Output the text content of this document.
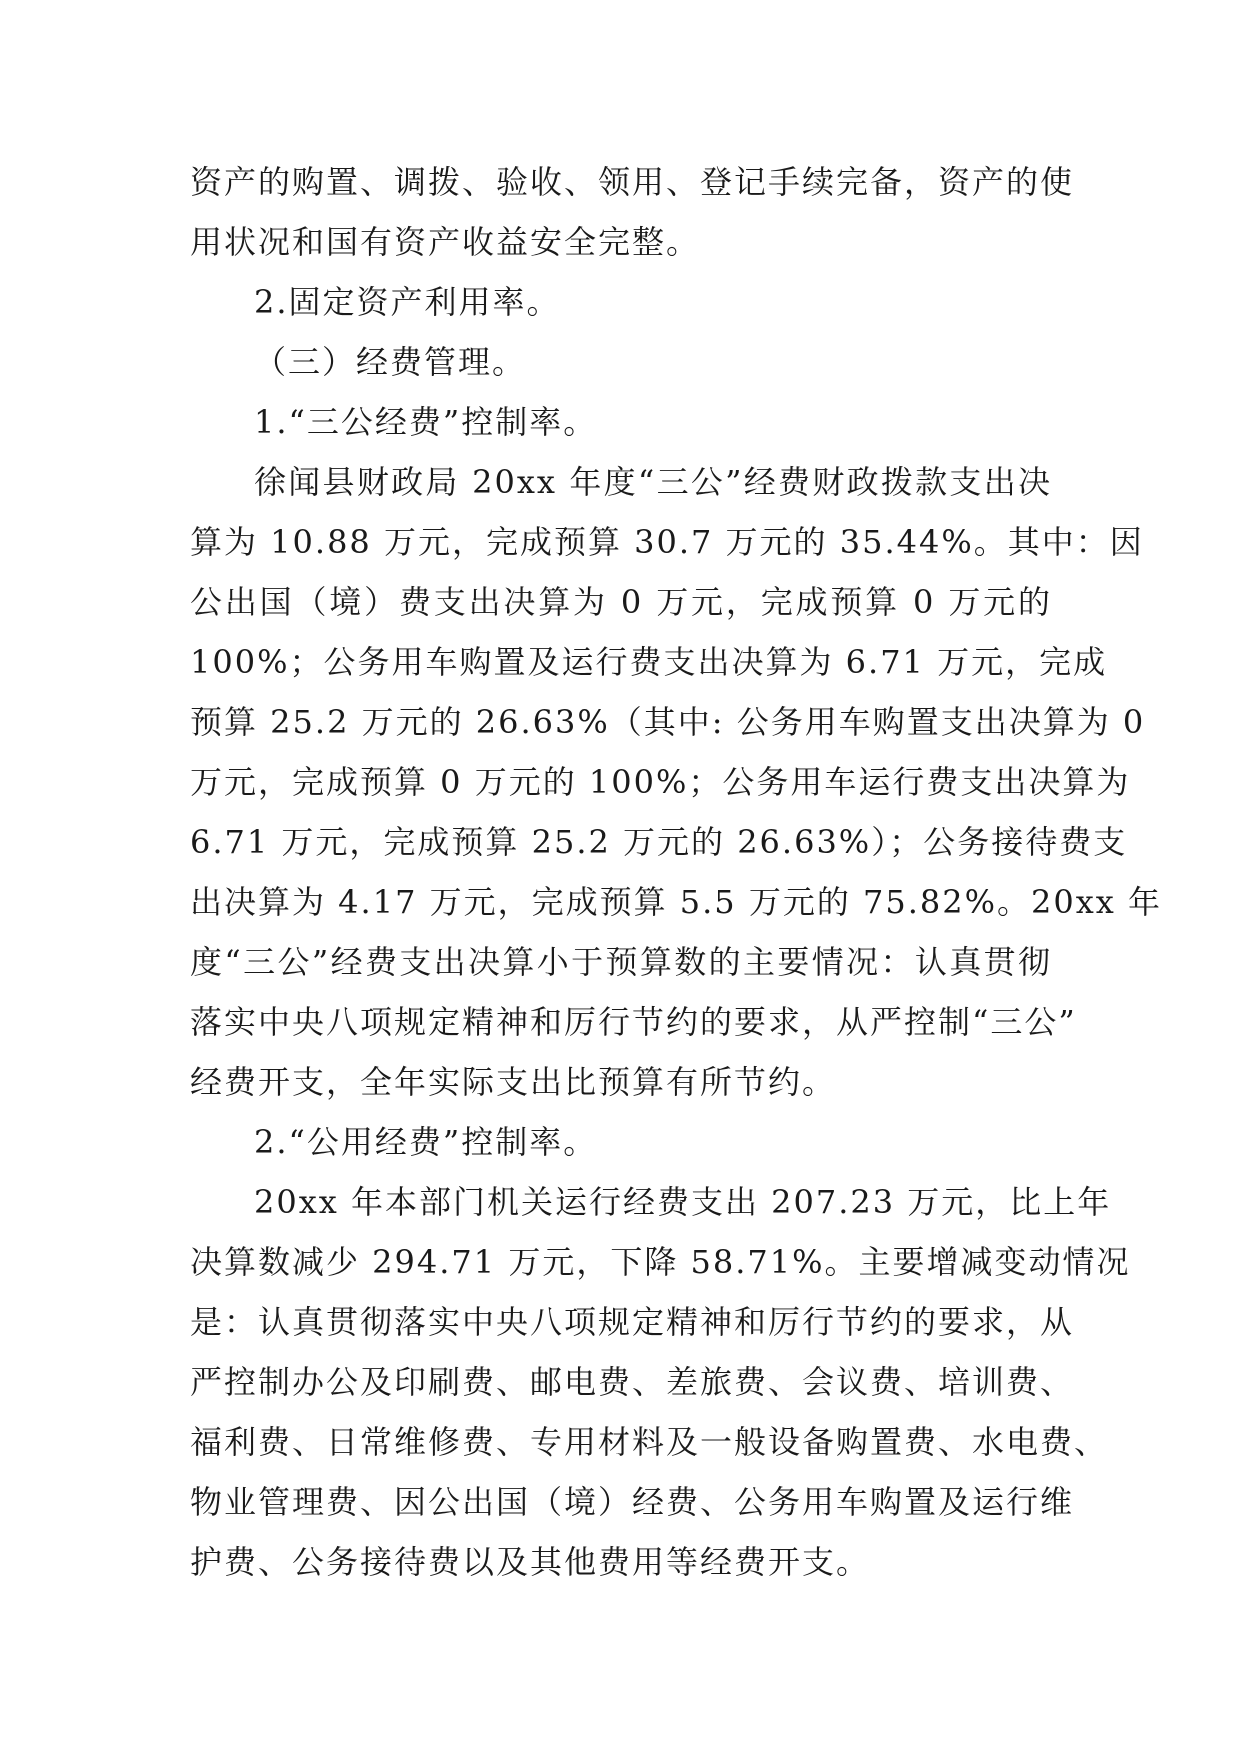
资产的购置、调拨、验收、领用、登记手续完备，资产的使
用状况和国有资产收益安全完整。
2.固定资产利用率。
（三）经费管理。
1.“三公经费”控制率。
徐闻县财政局 20xx 年度“三公”经费财政拨款支出决
算为 10.88 万元，完成预算 30.7 万元的 35.44%。其中：因
公出国（境）费支出决算为 0 万元，完成预算 0 万元的
100%；公务用车购置及运行费支出决算为 6.71 万元，完成
预算 25.2 万元的 26.63%（其中: 公务用车购置支出决算为 0
万元，完成预算 0 万元的 100%；公务用车运行费支出决算为
6.71 万元，完成预算 25.2 万元的 26.63%）；公务接待费支
出决算为 4.17 万元，完成预算 5.5 万元的 75.82%。20xx 年
度“三公”经费支出决算小于预算数的主要情况：认真贯彻
落实中央八项规定精神和厉行节约的要求，从严控制“三公”
经费开支，全年实际支出比预算有所节约。
2.“公用经费”控制率。
20xx 年本部门机关运行经费支出 207.23 万元，比上年
决算数减少 294.71 万元，下降 58.71%。主要增减变动情况
是：认真贯彻落实中央八项规定精神和厉行节约的要求，从
严控制办公及印刷费、邮电费、差旅费、会议费、培训费、
福利费、日常维修费、专用材料及一般设备购置费、水电费、
物业管理费、因公出国（境）经费、公务用车购置及运行维
护费、公务接待费以及其他费用等经费开支。
